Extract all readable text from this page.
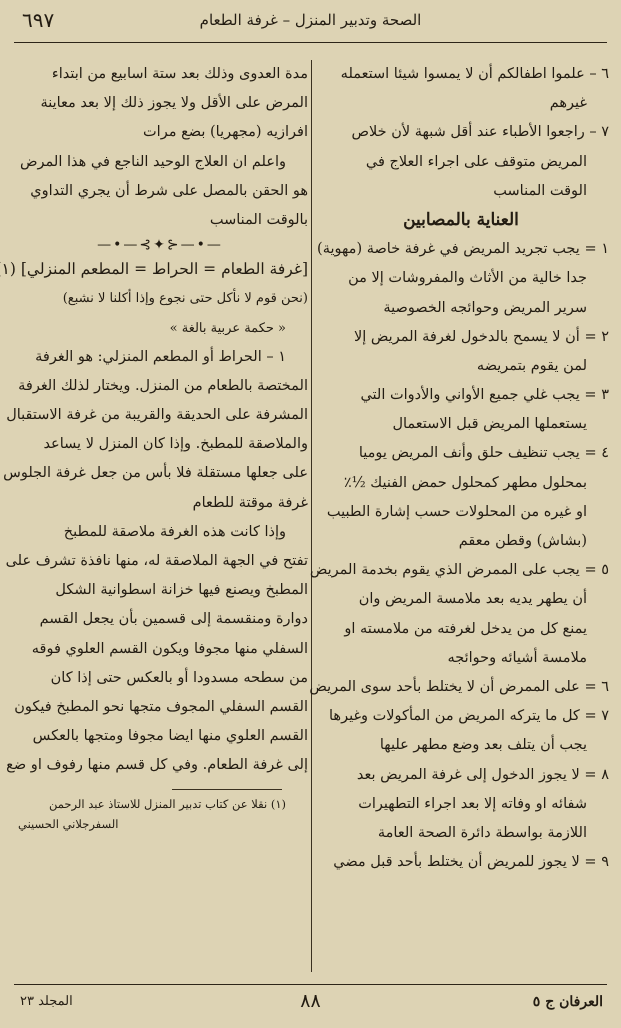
٦٩٧	الصحة وتدبير المنزل – غرفة الطعام
٦ – علموا اطفالكم أن لا يمسوا شيئا استعمله
غيرهم
٧ – راجعوا الأطباء عند أقل شبهة لأن خلاص
المريض متوقف على اجراء العلاج في
الوقت المناسب
العناية بالمصابين
١ = يجب تجريد المريض في غرفة خاصة (مهوية)
جدا خالية من الأثاث والمفروشات إلا من
سرير المريض وحوائجه الخصوصية
٢ = أن لا يسمح بالدخول لغرفة المريض إلا
لمن يقوم بتمريضه
٣ = يجب غلي جميع الأواني والأدوات التي
يستعملها المريض قبل الاستعمال
٤ = يجب تنظيف حلق وأنف المريض يوميا
بمحلول مطهر كمحلول حمض الفنيك ½٪
او غيره من المحلولات حسب إشارة الطبيب
(بشاش) وقطن معقم
٥ = يجب على الممرض الذي يقوم بخدمة المريض
أن يطهر يديه بعد ملامسة المريض وان
يمنع كل من يدخل لغرفته من ملامسته او
ملامسة أشيائه وحوائجه
٦ = على الممرض أن لا يختلط بأحد سوى المريض
٧ = كل ما يتركه المريض من المأكولات وغيرها
يجب أن يتلف بعد وضع مطهر عليها
٨ = لا يجوز الدخول إلى غرفة المريض بعد
شفائه او وفاته إلا بعد اجراء التطهيرات
اللازمة بواسطة دائرة الصحة العامة
٩ = لا يجوز للمريض أن يختلط بأحد قبل مضي
مدة العدوى وذلك بعد ستة اسابيع من ابتداء
المرض على الأقل ولا يجوز ذلك إلا بعد معاينة
افرازيه (مجهريا) بضع مرات
واعلم ان العلاج الوحيد الناجع في هذا المرض
هو الحقن بالمصل على شرط أن يجري التداوي
بالوقت المناسب
—•—⊰✦⊱—•—
[غرفة الطعام = الحراط = المطعم المنزلي] (١
(نحن قوم لا نأكل حتى نجوع وإذا أكلنا لا نشبع)
« حكمة عربية بالغة »
١ – الحراط أو المطعم المنزلي: هو الغرفة
المختصة بالطعام من المنزل. ويختار لذلك الغرفة
المشرفة على الحديقة والقريبة من غرفة الاستقبال
والملاصقة للمطبخ. وإذا كان المنزل لا يساعد
على جعلها مستقلة فلا بأس من جعل غرفة الجلوس
غرفة موقتة للطعام
وإذا كانت هذه الغرفة ملاصقة للمطبخ
تفتح في الجهة الملاصقة له، منها نافذة تشرف على
المطبخ ويصنع فيها خزانة اسطوانية الشكل
دوارة ومنقسمة إلى قسمين بأن يجعل القسم
السفلي منها مجوفا ويكون القسم العلوي فوقه
من سطحه مسدودا أو بالعكس حتى إذا كان
القسم السفلي المجوف متجها نحو المطبخ فيكون
القسم العلوي منها ايضا مجوفا ومتجها بالعكس
إلى غرفة الطعام. وفي كل قسم منها رفوف او ضع
(١) نقلا عن كتاب تدبير المنزل للاستاذ عبد الرحمن
السفرجلاني الحسيني
العرفان ج ٥
٨٨
المجلد ٢٣
